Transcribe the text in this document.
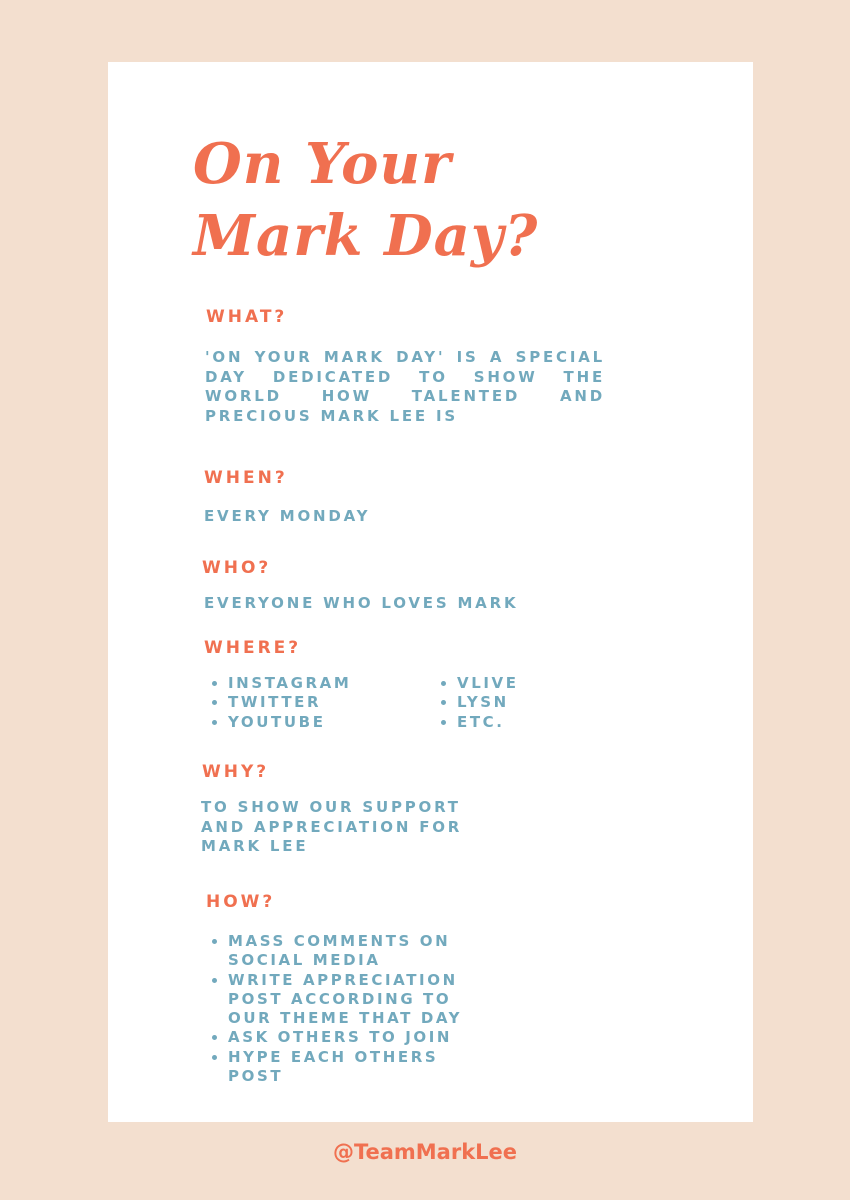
On Your Mark Day?
WHAT?

'ON YOUR MARK DAY' IS A SPECIAL DAY DEDICATED TO SHOW THE WORLD HOW TALENTED AND PRECIOUS MARK LEE IS

WHEN?

EVERY MONDAY

WHO?

EVERYONE WHO LOVES MARK

WHERE?
INSTAGRAM
TWITTER
YOUTUBE
VLIVE
LYSN
ETC.
WHY?

TO SHOW OUR SUPPORT AND APPRECIATION FOR MARK LEE

HOW?
MASS COMMENTS ON SOCIAL MEDIA
WRITE APPRECIATION POST ACCORDING TO OUR THEME THAT DAY
ASK OTHERS TO JOIN
HYPE EACH OTHERS POST

@TeamMarkLee
